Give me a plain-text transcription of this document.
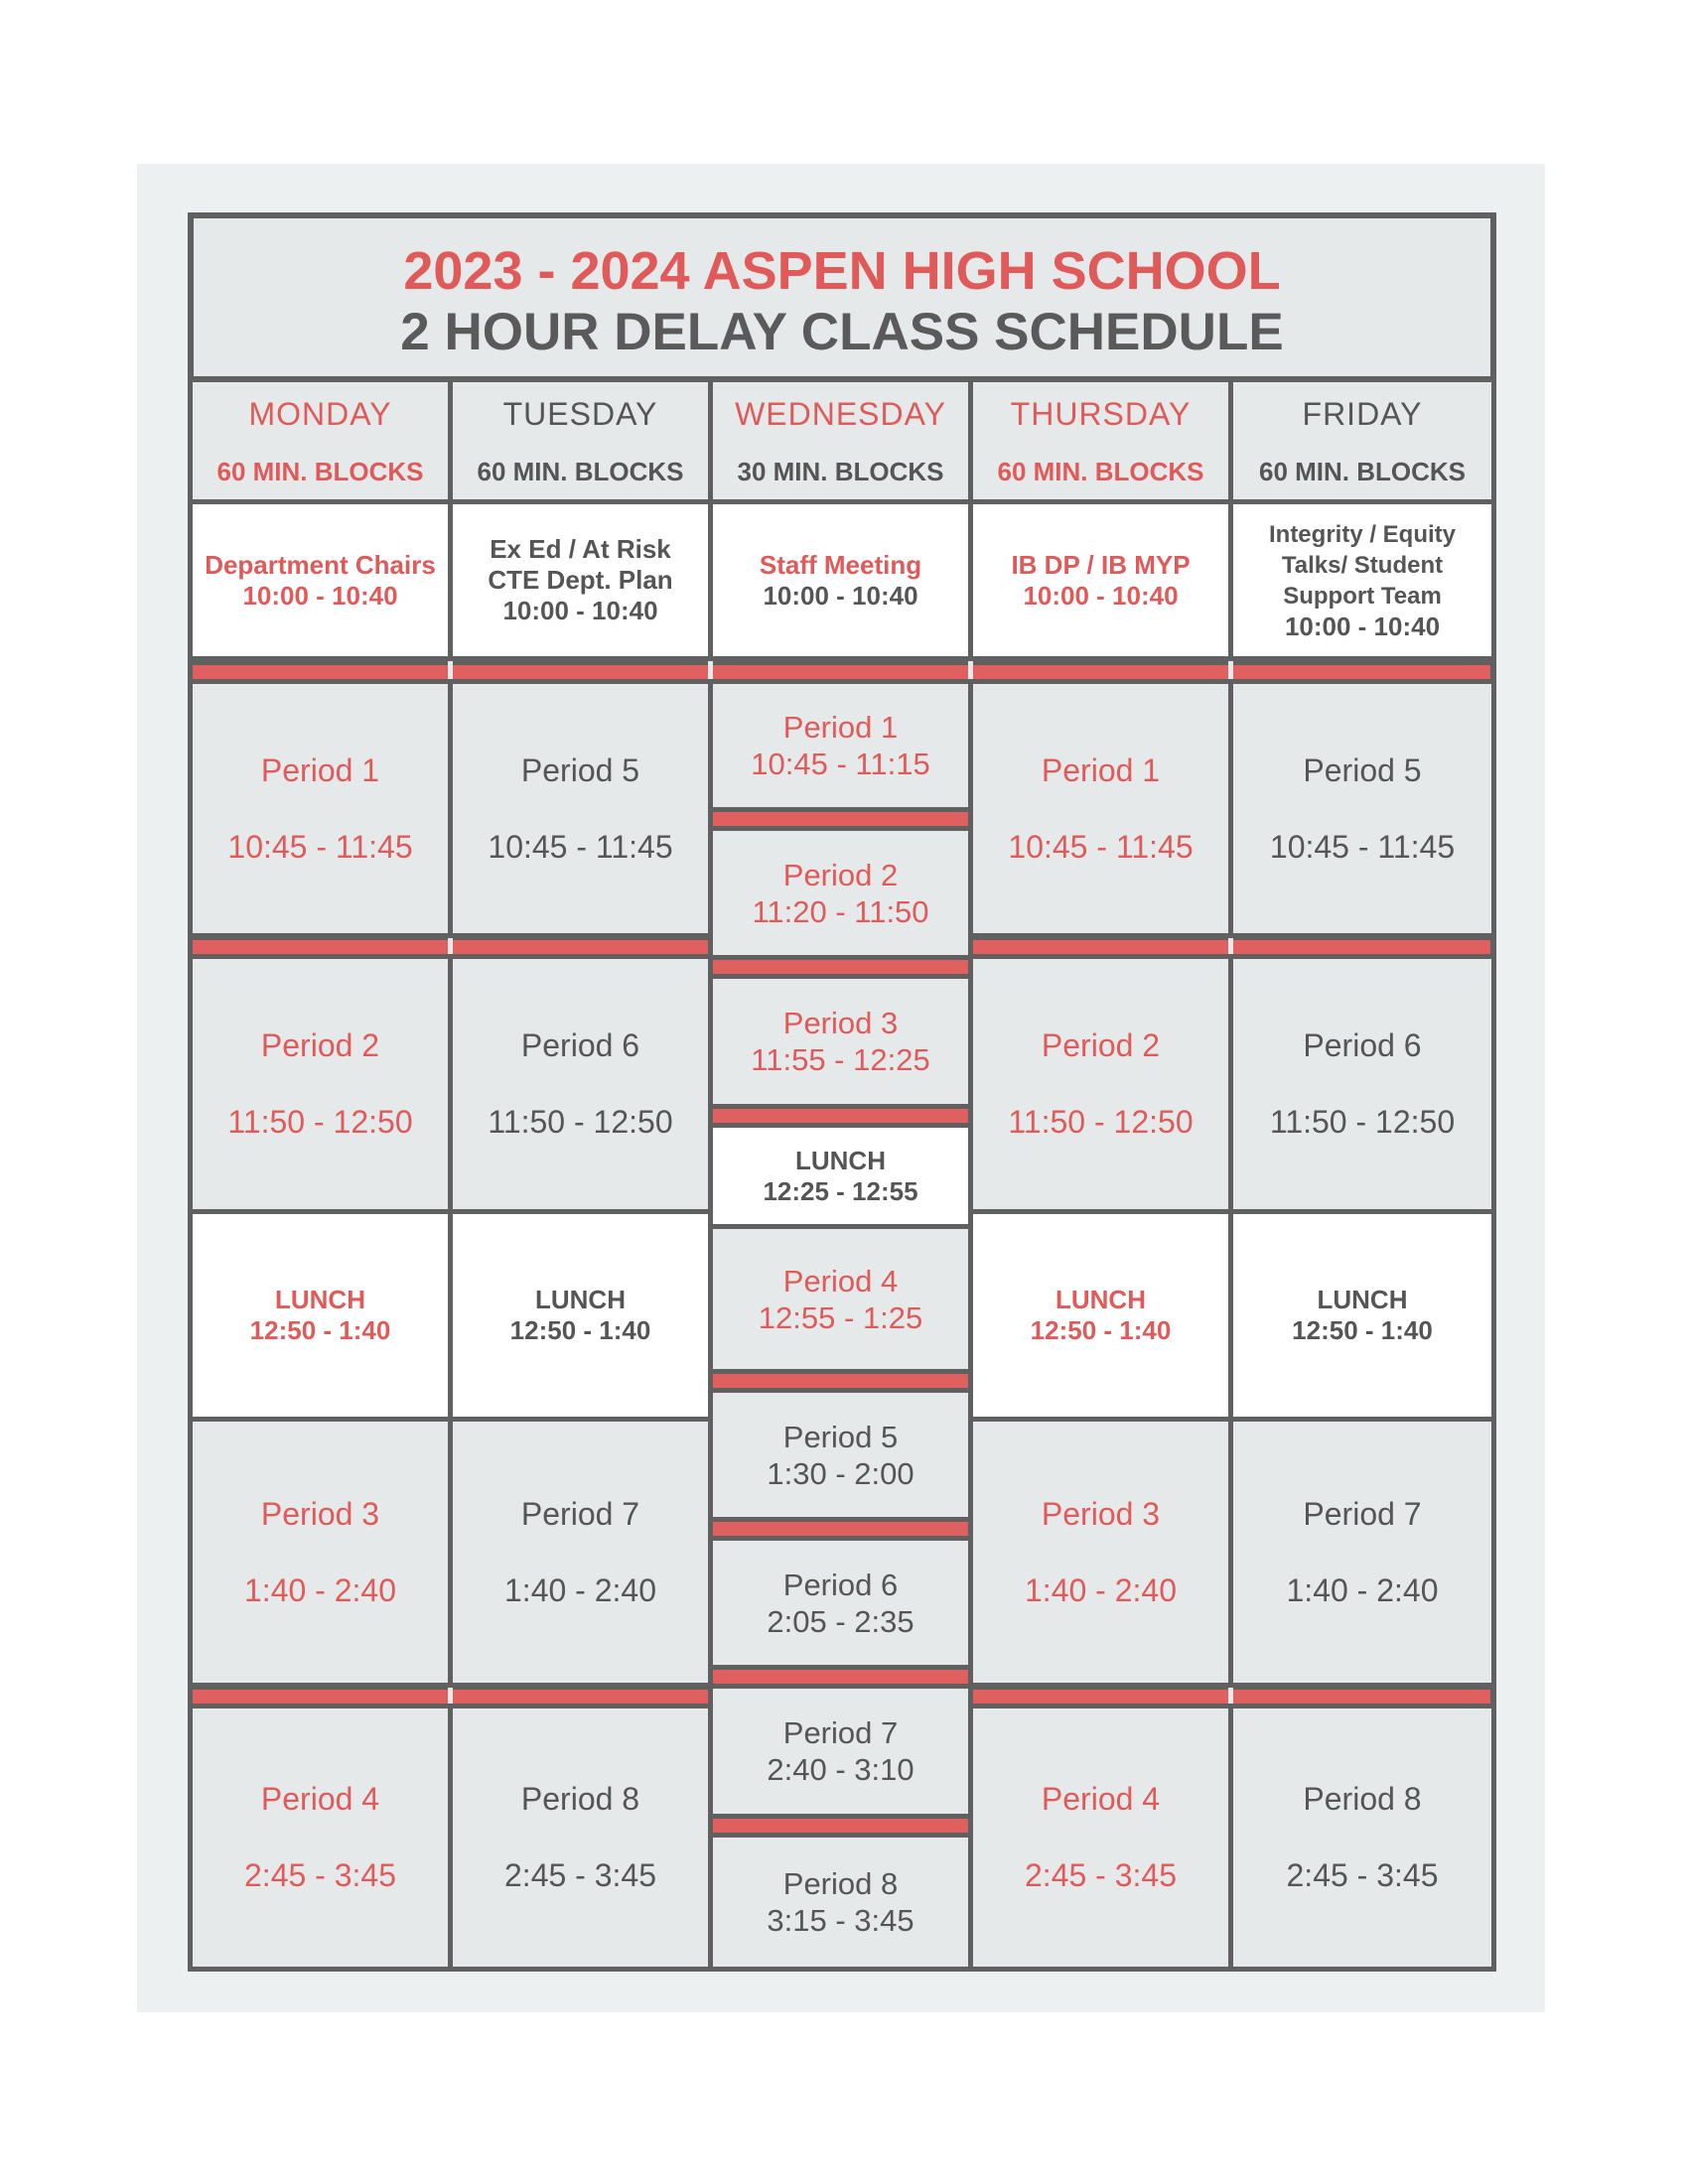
2023 - 2024 ASPEN HIGH SCHOOL
2 HOUR DELAY CLASS SCHEDULE
MONDAY
60 MIN. BLOCKS
TUESDAY
60 MIN. BLOCKS
WEDNESDAY
30 MIN. BLOCKS
THURSDAY
60 MIN. BLOCKS
FRIDAY
60 MIN. BLOCKS
Department Chairs
10:00 - 10:40
Ex Ed / At Risk
CTE Dept. Plan
10:00 - 10:40
Staff Meeting
10:00 - 10:40
IB DP / IB MYP
10:00 - 10:40
Integrity / Equity
Talks/ Student
Support Team
10:00 - 10:40
Period 1
10:45 - 11:45
Period 2
11:50 - 12:50
LUNCH
12:50 - 1:40
Period 3
1:40 - 2:40
Period 4
2:45 - 3:45
Period 5
10:45 - 11:45
Period 6
11:50 - 12:50
LUNCH
12:50 - 1:40
Period 7
1:40 - 2:40
Period 8
2:45 - 3:45
Period 1
10:45 - 11:15
Period 2
11:20 - 11:50
Period 3
11:55 - 12:25
LUNCH
12:25 - 12:55
Period 4
12:55 - 1:25
Period 5
1:30 - 2:00
Period 6
2:05 - 2:35
Period 7
2:40 - 3:10
Period 8
3:15 - 3:45
Period 1
10:45 - 11:45
Period 2
11:50 - 12:50
LUNCH
12:50 - 1:40
Period 3
1:40 - 2:40
Period 4
2:45 - 3:45
Period 5
10:45 - 11:45
Period 6
11:50 - 12:50
LUNCH
12:50 - 1:40
Period 7
1:40 - 2:40
Period 8
2:45 - 3:45
